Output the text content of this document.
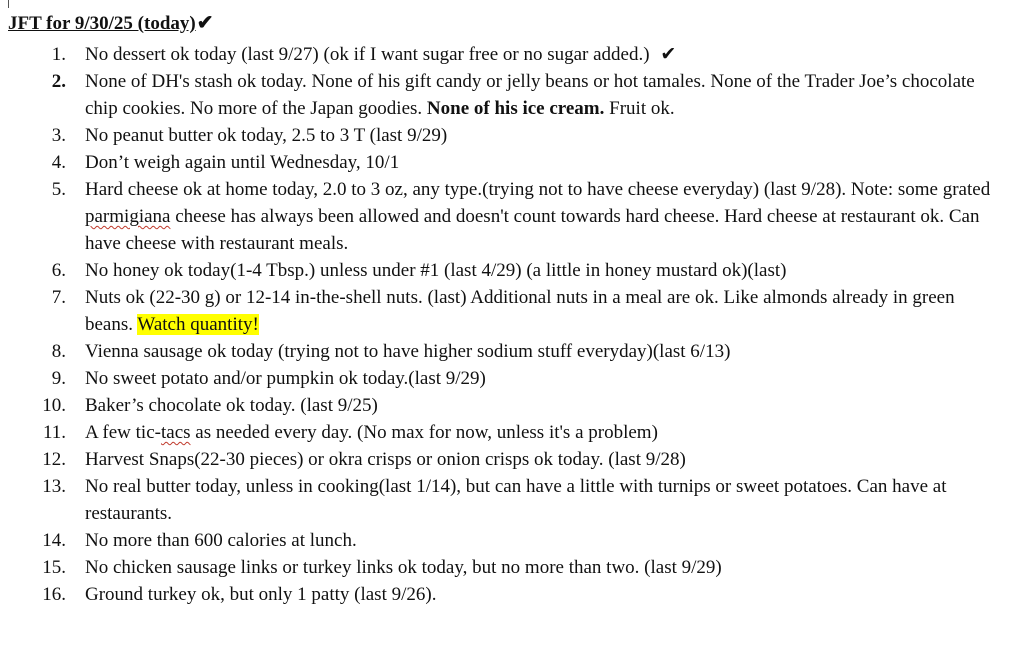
JFT for 9/30/25 (today)✔
1. No dessert ok today (last 9/27) (ok if I want sugar free or no sugar added.) ✔
2. None of DH's stash ok today. None of his gift candy or jelly beans or hot tamales. None of the Trader Joe’s chocolate chip cookies. No more of the Japan goodies. None of his ice cream. Fruit ok.
3. No peanut butter ok today, 2.5 to 3 T (last 9/29)
4. Don’t weigh again until Wednesday, 10/1
5. Hard cheese ok at home today, 2.0 to 3 oz, any type.(trying not to have cheese everyday) (last 9/28). Note: some grated parmigiana cheese has always been allowed and doesn't count towards hard cheese. Hard cheese at restaurant ok. Can have cheese with restaurant meals.
6. No honey ok today(1-4 Tbsp.) unless under #1 (last 4/29) (a little in honey mustard ok)(last)
7. Nuts ok (22-30 g) or 12-14 in-the-shell nuts. (last) Additional nuts in a meal are ok. Like almonds already in green beans. Watch quantity!
8. Vienna sausage ok today (trying not to have higher sodium stuff everyday)(last 6/13)
9. No sweet potato and/or pumpkin ok today.(last 9/29)
10. Baker’s chocolate ok today. (last 9/25)
11. A few tic-tacs as needed every day. (No max for now, unless it's a problem)
12. Harvest Snaps(22-30 pieces) or okra crisps or onion crisps ok today. (last 9/28)
13. No real butter today, unless in cooking(last 1/14), but can have a little with turnips or sweet potatoes. Can have at restaurants.
14. No more than 600 calories at lunch.
15. No chicken sausage links or turkey links ok today, but no more than two. (last 9/29)
16. Ground turkey ok, but only 1 patty (last 9/26).
